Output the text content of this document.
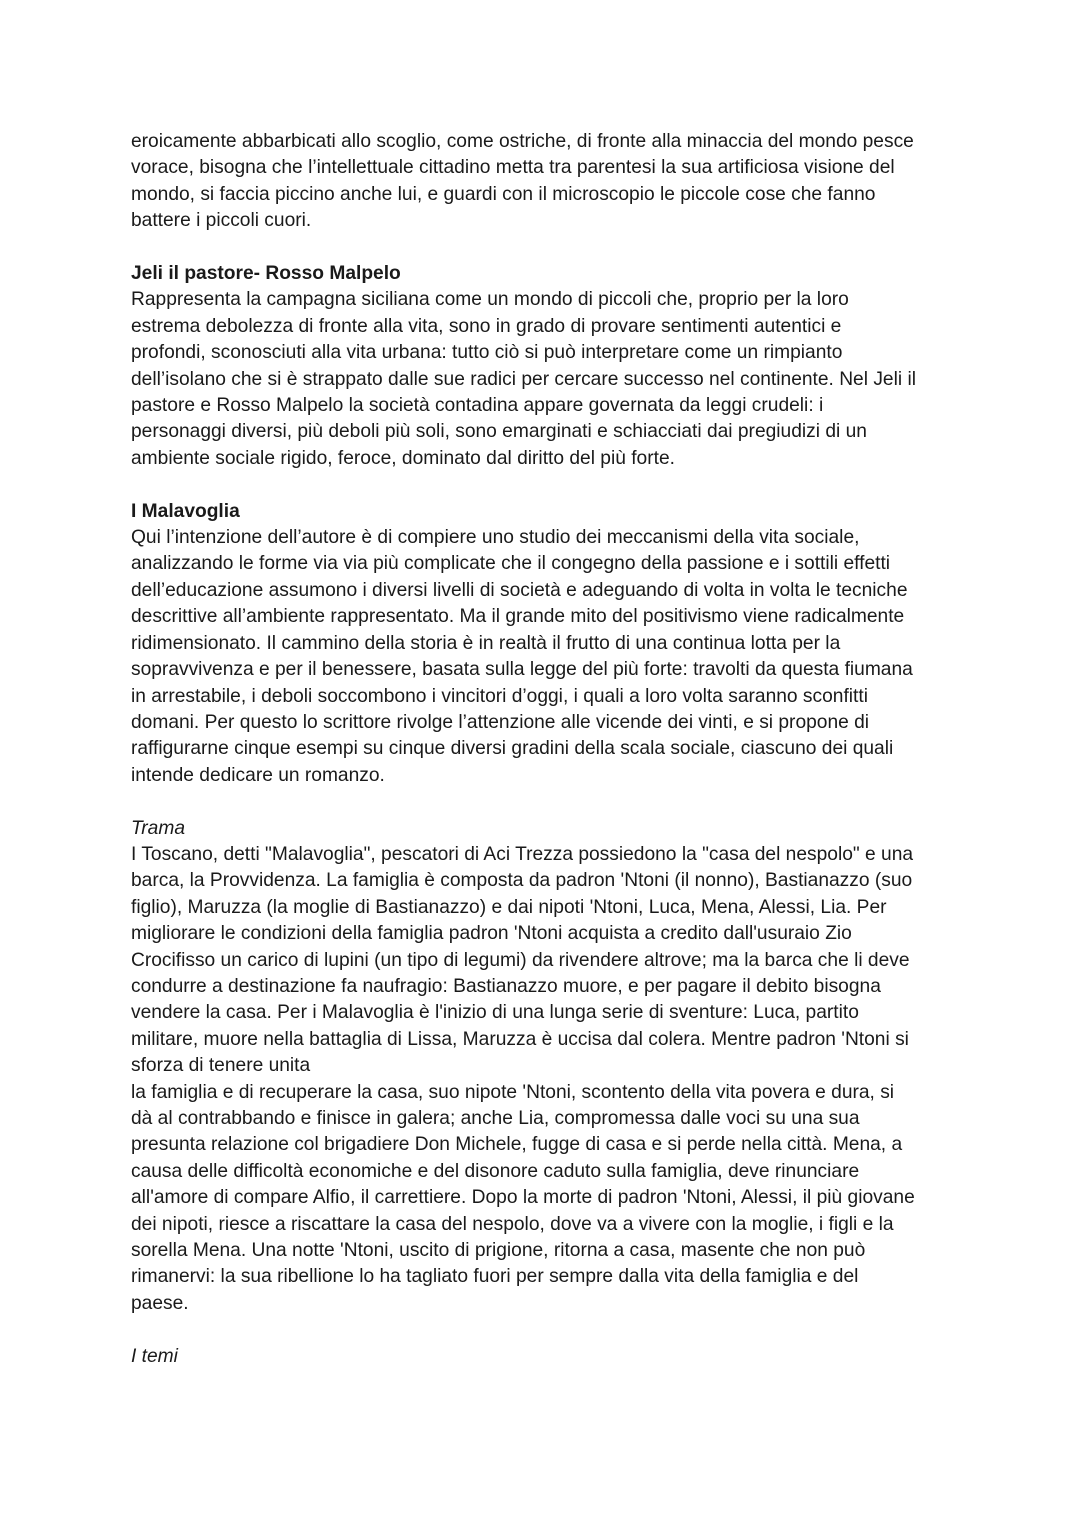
eroicamente abbarbicati allo scoglio, come ostriche, di fronte alla minaccia del mondo pesce
vorace, bisogna che l’intellettuale cittadino metta tra parentesi la sua artificiosa visione del
mondo, si faccia piccino anche lui, e guardi con il microscopio le piccole cose che fanno
battere i piccoli cuori.

Jeli il pastore- Rosso Malpelo

Rappresenta la campagna siciliana come un mondo di piccoli che, proprio per la loro
estrema debolezza di fronte alla vita, sono in grado di provare sentimenti autentici e
profondi, sconosciuti alla vita urbana: tutto ciò si può interpretare come un rimpianto
dell’isolano che si è strappato dalle sue radici per cercare successo nel continente. Nel Jeli il
pastore e Rosso Malpelo la società contadina appare governata da leggi crudeli: i
personaggi diversi, più deboli più soli, sono emarginati e schiacciati dai pregiudizi di un
ambiente sociale rigido, feroce, dominato dal diritto del più forte.

I Malavoglia

Qui l’intenzione dell’autore è di compiere uno studio dei meccanismi della vita sociale,
analizzando le forme via via più complicate che il congegno della passione e i sottili effetti
dell’educazione assumono i diversi livelli di società e adeguando di volta in volta le tecniche
descrittive all’ambiente rappresentato. Ma il grande mito del positivismo viene radicalmente
ridimensionato. Il cammino della storia è in realtà il frutto di una continua lotta per la
sopravvivenza e per il benessere, basata sulla legge del più forte: travolti da questa fiumana
in arrestabile, i deboli soccombono i vincitori d’oggi, i quali a loro volta saranno sconfitti
domani. Per questo lo scrittore rivolge l’attenzione alle vicende dei vinti, e si propone di
raffigurarne cinque esempi su cinque diversi gradini della scala sociale, ciascuno dei quali
intende dedicare un romanzo.

Trama

I Toscano, detti "Malavoglia", pescatori di Aci Trezza possiedono la "casa del nespolo" e una
barca, la Provvidenza. La famiglia è composta da padron 'Ntoni (il nonno), Bastianazzo (suo
figlio), Maruzza (la moglie di Bastianazzo) e dai nipoti 'Ntoni, Luca, Mena, Alessi, Lia. Per
migliorare le condizioni della famiglia padron 'Ntoni acquista a credito dall'usuraio Zio
Crocifisso un carico di lupini (un tipo di legumi) da rivendere altrove; ma la barca che li deve
condurre a destinazione fa naufragio: Bastianazzo muore, e per pagare il debito bisogna
vendere la casa. Per i Malavoglia è l'inizio di una lunga serie di sventure: Luca, partito
militare, muore nella battaglia di Lissa, Maruzza è uccisa dal colera. Mentre padron 'Ntoni si
sforza di tenere unita
la famiglia e di recuperare la casa, suo nipote 'Ntoni, scontento della vita povera e dura, si
dà al contrabbando e finisce in galera; anche Lia, compromessa dalle voci su una sua
presunta relazione col brigadiere Don Michele, fugge di casa e si perde nella città. Mena, a
causa delle difficoltà economiche e del disonore caduto sulla famiglia, deve rinunciare
all'amore di compare Alfio, il carrettiere. Dopo la morte di padron 'Ntoni, Alessi, il più giovane
dei nipoti, riesce a riscattare la casa del nespolo, dove va a vivere con la moglie, i figli e la
sorella Mena. Una notte 'Ntoni, uscito di prigione, ritorna a casa, masente che non può
rimanervi: la sua ribellione lo ha tagliato fuori per sempre dalla vita della famiglia e del
paese.

I temi
